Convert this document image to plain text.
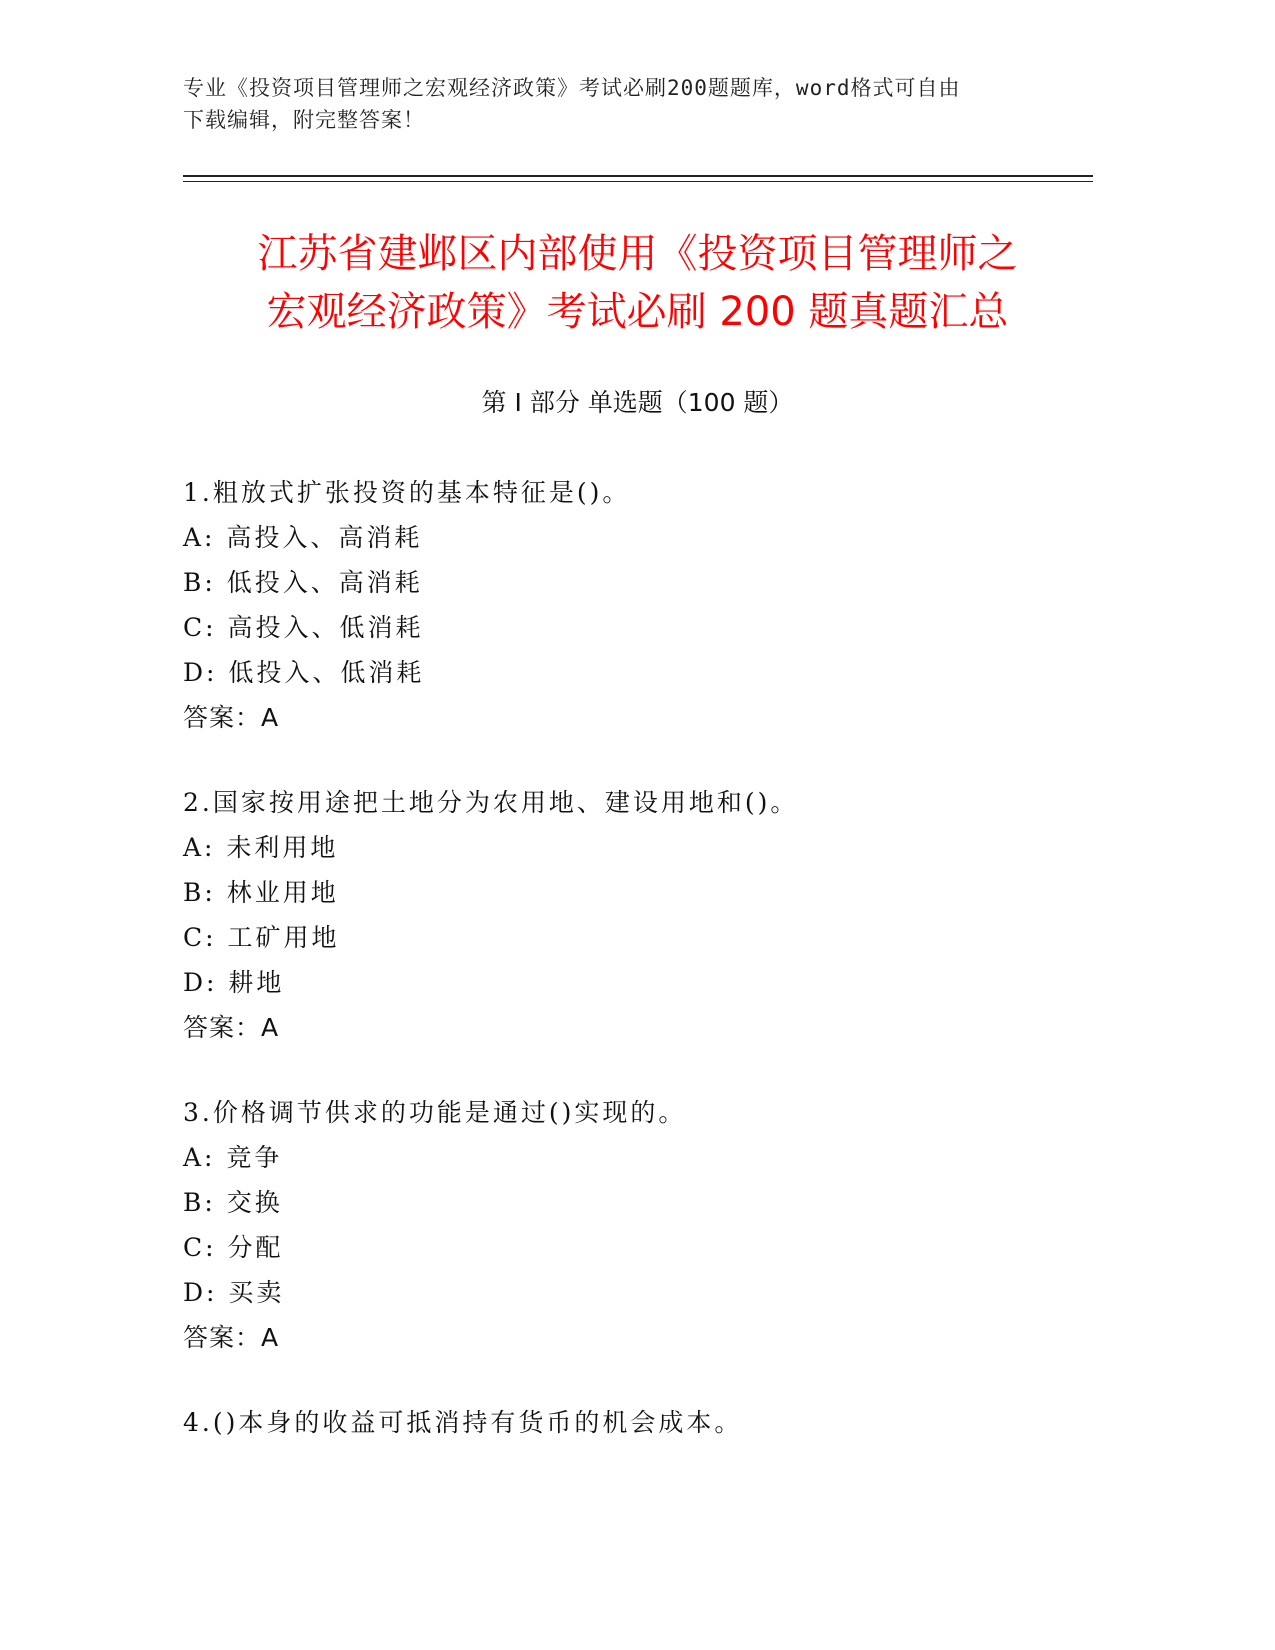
专业《投资项目管理师之宏观经济政策》考试必刷200题题库，word格式可自由
下载编辑，附完整答案！
江苏省建邺区内部使用《投资项目管理师之
宏观经济政策》考试必刷 200 题真题汇总
第 I 部分 单选题（100 题）
1.粗放式扩张投资的基本特征是()。
A: 高投入、高消耗
B: 低投入、高消耗
C: 高投入、低消耗
D: 低投入、低消耗
答案：A
2.国家按用途把土地分为农用地、建设用地和()。
A: 未利用地
B: 林业用地
C: 工矿用地
D: 耕地
答案：A
3.价格调节供求的功能是通过()实现的。
A: 竞争
B: 交换
C: 分配
D: 买卖
答案：A
4.()本身的收益可抵消持有货币的机会成本。
